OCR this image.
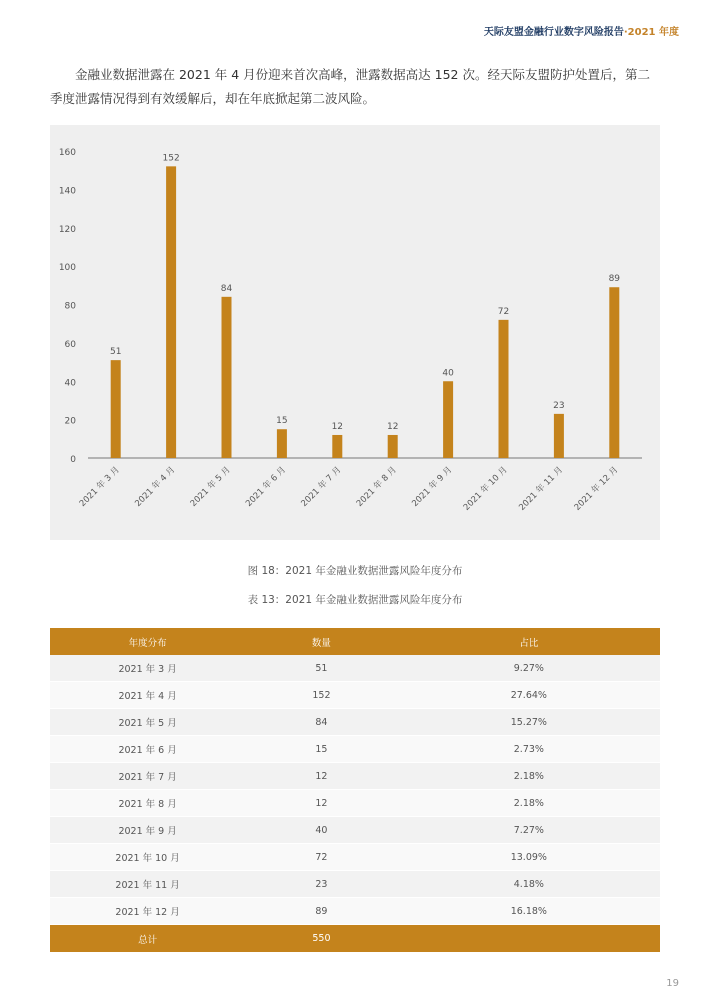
天际友盟金融行业数字风险报告·2021 年度

金融业数据泄露在 2021 年 4 月份迎来首次高峰，泄露数据高达 152 次。经天际友盟防护处置后，第二季度泄露情况得到有效缓解后，却在年底掀起第二波风险。

0
20
40
60
80
100
120
140
160
51
2021 年 3 月
152
2021 年 4 月
84
2021 年 5 月
15
2021 年 6 月
12
2021 年 7 月
12
2021 年 8 月
40
2021 年 9 月
72
2021 年 10 月
23
2021 年 11 月
89
2021 年 12 月
图 18：2021 年金融业数据泄露风险年度分布
表 13：2021 年金融业数据泄露风险年度分布
年度分布	数量	占比
2021 年 3 月	51	9.27%
2021 年 4 月	152	27.64%
2021 年 5 月	84	15.27%
2021 年 6 月	15	2.73%
2021 年 7 月	12	2.18%
2021 年 8 月	12	2.18%
2021 年 9 月	40	7.27%
2021 年 10 月	72	13.09%
2021 年 11 月	23	4.18%
2021 年 12 月	89	16.18%
总计	550	
19
